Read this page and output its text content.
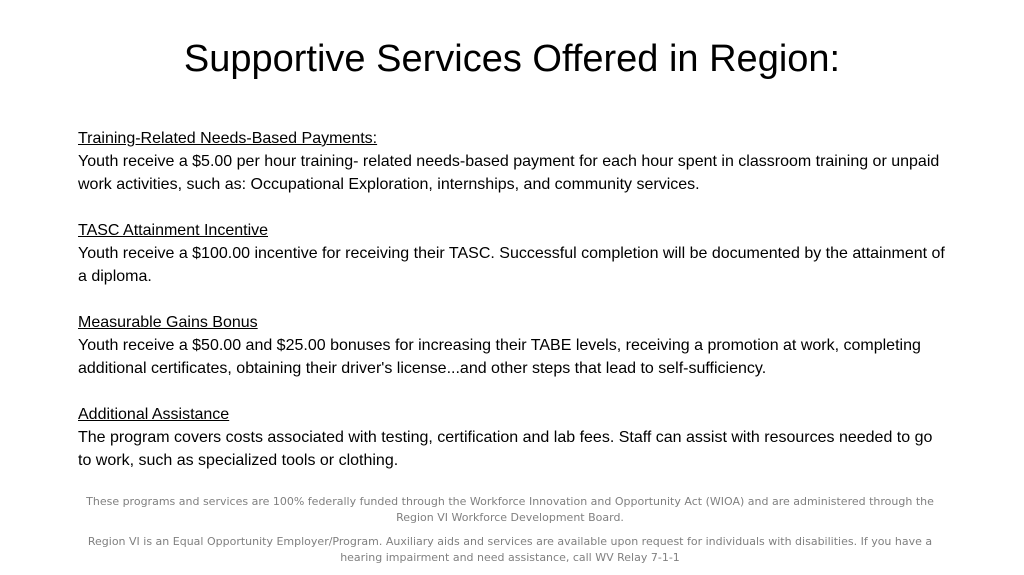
Supportive Services Offered in Region:
Training-Related Needs-Based Payments:
Youth receive a $5.00 per hour training- related needs-based payment for each hour spent in classroom training or unpaid work activities, such as: Occupational Exploration, internships, and community services.
TASC Attainment Incentive
Youth receive a $100.00 incentive for receiving their TASC. Successful completion will be documented by the attainment of a diploma.
Measurable Gains Bonus
Youth receive a $50.00 and $25.00 bonuses for increasing their TABE levels, receiving a promotion at work, completing additional certificates, obtaining their driver's license...and other steps that lead to self-sufficiency.
Additional Assistance
The program covers costs associated with testing, certification and lab fees. Staff can assist with resources needed to go to work, such as specialized tools or clothing.
These programs and services are 100% federally funded through the Workforce Innovation and Opportunity Act (WIOA) and are administered through the Region VI Workforce Development Board.
Region VI is an Equal Opportunity Employer/Program. Auxiliary aids and services are available upon request for individuals with disabilities. If you have a hearing impairment and need assistance, call WV Relay 7-1-1
